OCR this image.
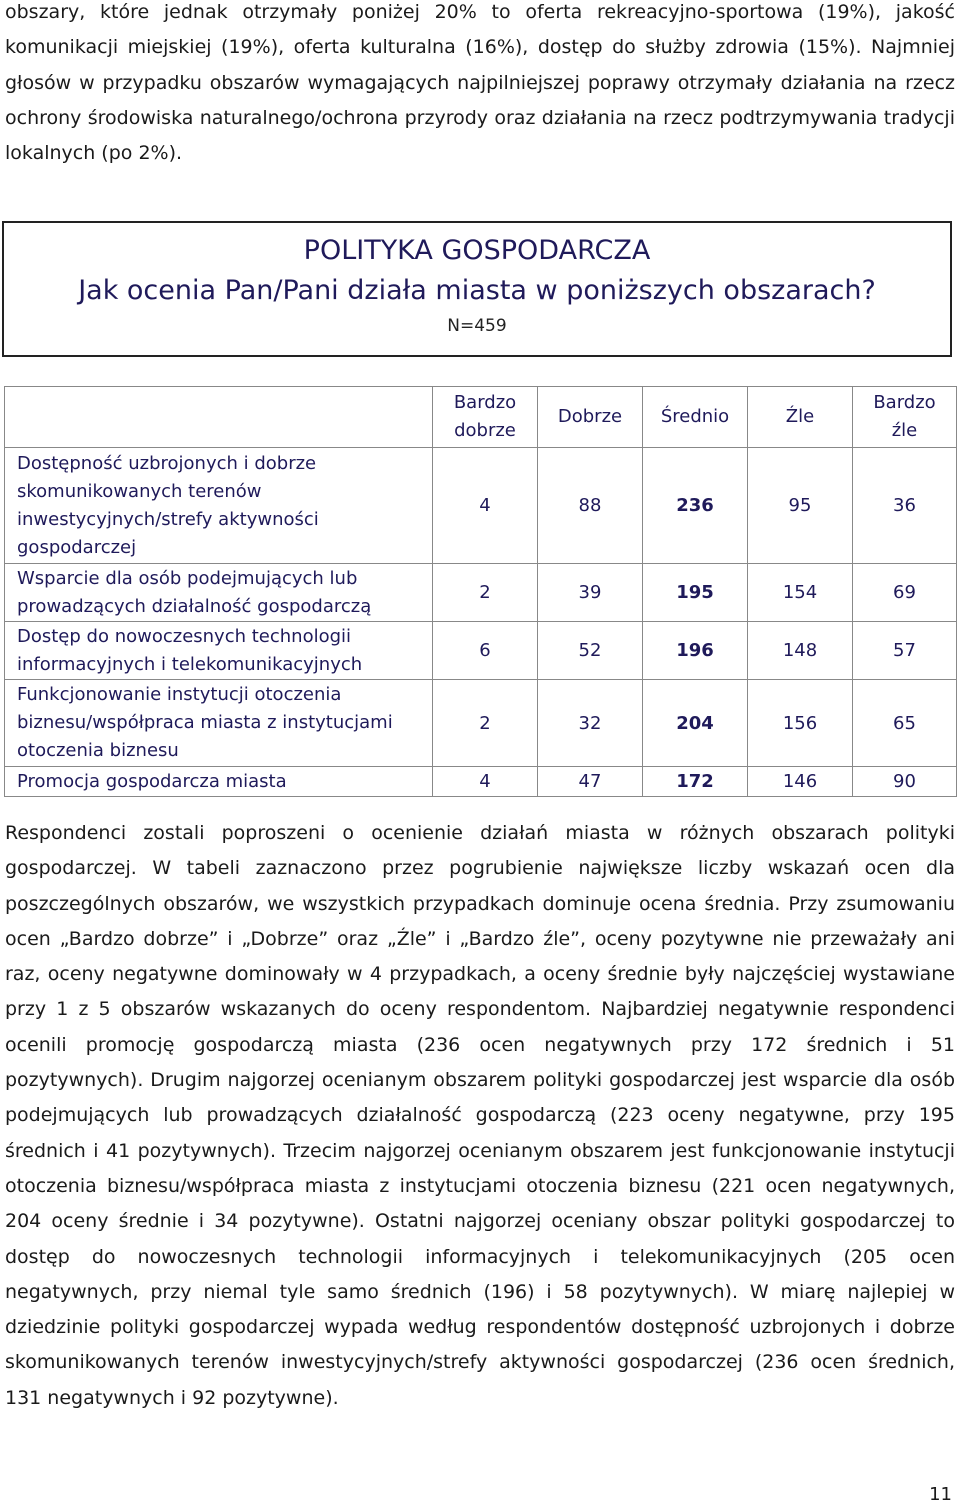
obszary, które jednak otrzymały poniżej 20% to oferta rekreacyjno-sportowa (19%), jakość komunikacji miejskiej (19%), oferta kulturalna (16%), dostęp do służby zdrowia (15%). Najmniej głosów w przypadku obszarów wymagających najpilniejszej poprawy otrzymały działania na rzecz ochrony środowiska naturalnego/ochrona przyrody oraz działania na rzecz podtrzymywania tradycji lokalnych (po 2%).

POLITYKA GOSPODARCZA
Jak ocenia Pan/Pani działa miasta w poniższych obszarach?
N=459
	Bardzo dobrze	Dobrze	Średnio	Źle	Bardzo źle
Dostępność uzbrojonych i dobrze skomunikowanych terenów inwestycyjnych/strefy aktywności gospodarczej	4	88	236	95	36
Wsparcie dla osób podejmujących lub prowadzących działalność gospodarczą	2	39	195	154	69
Dostęp do nowoczesnych technologii informacyjnych i telekomunikacyjnych	6	52	196	148	57
Funkcjonowanie instytucji otoczenia biznesu/współpraca miasta z instytucjami otoczenia biznesu	2	32	204	156	65
Promocja gospodarcza miasta	4	47	172	146	90

Respondenci zostali poproszeni o ocenienie działań miasta w różnych obszarach polityki gospodarczej. W tabeli zaznaczono przez pogrubienie największe liczby wskazań ocen dla poszczególnych obszarów, we wszystkich przypadkach dominuje ocena średnia. Przy zsumowaniu ocen „Bardzo dobrze” i „Dobrze” oraz „Źle” i „Bardzo źle”, oceny pozytywne nie przeważały ani raz, oceny negatywne dominowały w 4 przypadkach, a oceny średnie były najczęściej wystawiane przy 1 z 5 obszarów wskazanych do oceny respondentom. Najbardziej negatywnie respondenci ocenili promocję gospodarczą miasta (236 ocen negatywnych przy 172 średnich i 51 pozytywnych). Drugim najgorzej ocenianym obszarem polityki gospodarczej jest wsparcie dla osób podejmujących lub prowadzących działalność gospodarczą (223 oceny negatywne, przy 195 średnich i 41 pozytywnych). Trzecim najgorzej ocenianym obszarem jest funkcjonowanie instytucji otoczenia biznesu/współpraca miasta z instytucjami otoczenia biznesu (221 ocen negatywnych, 204 oceny średnie i 34 pozytywne). Ostatni najgorzej oceniany obszar polityki gospodarczej to dostęp do nowoczesnych technologii informacyjnych i telekomunikacyjnych (205 ocen negatywnych, przy niemal tyle samo średnich (196) i 58 pozytywnych). W miarę najlepiej w dziedzinie polityki gospodarczej wypada według respondentów dostępność uzbrojonych i dobrze skomunikowanych terenów inwestycyjnych/strefy aktywności gospodarczej (236 ocen średnich, 131 negatywnych i 92 pozytywne).

11
